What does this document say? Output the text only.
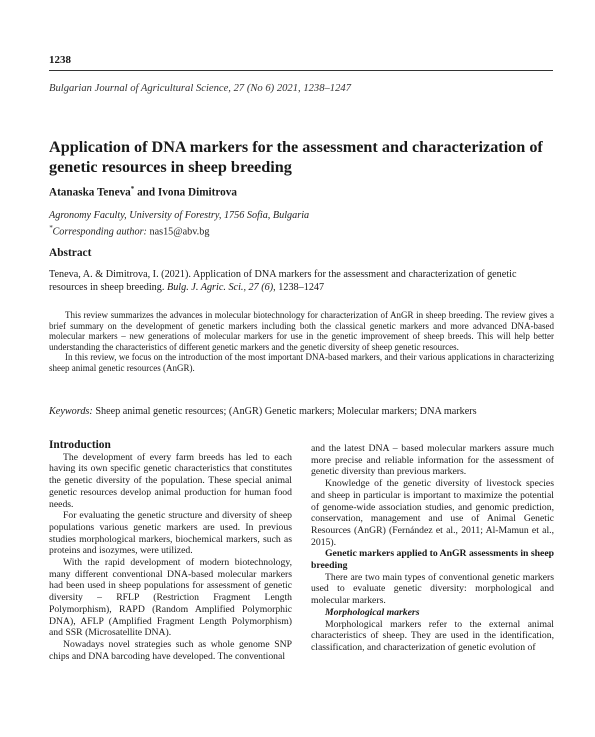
1238
Bulgarian Journal of Agricultural Science, 27 (No 6) 2021, 1238–1247
Application of DNA markers for the assessment and characterization of genetic resources in sheep breeding
Atanaska Teneva* and Ivona Dimitrova
Agronomy Faculty, University of Forestry, 1756 Sofia, Bulgaria
*Corresponding author: nas15@abv.bg
Abstract
Teneva, A. & Dimitrova, I. (2021). Application of DNA markers for the assessment and characterization of genetic resources in sheep breeding. Bulg. J. Agric. Sci., 27 (6), 1238–1247

This review summarizes the advances in molecular biotechnology for characterization of AnGR in sheep breeding. The review gives a brief summary on the development of genetic markers including both the classical genetic markers and more advanced DNA-based molecular markers – new generations of molecular markers for use in the genetic improvement of sheep breeds. This will help better understanding the characteristics of different genetic markers and the genetic diversity of sheep genetic resources.

In this review, we focus on the introduction of the most important DNA-based markers, and their various applications in characterizing sheep animal genetic resources (AnGR).

Keywords: Sheep animal genetic resources; (AnGR) Genetic markers; Molecular markers; DNA markers

Introduction

The development of every farm breeds has led to each having its own specific genetic characteristics that constitutes the genetic diversity of the population. These special animal genetic resources develop animal production for human food needs.

For evaluating the genetic structure and diversity of sheep populations various genetic markers are used. In previous studies morphological markers, biochemical markers, such as proteins and isozymes, were utilized.

With the rapid development of modern biotechnology, many different conventional DNA-based molecular markers had been used in sheep populations for assessment of genetic diversity – RFLP (Restriction Fragment Length Polymorphism), RAPD (Random Amplified Polymorphic DNA), AFLP (Amplified Fragment Length Polymorphism) and SSR (Microsatellite DNA).

Nowadays novel strategies such as whole genome SNP chips and DNA barcoding have developed. The conventional

and the latest DNA – based molecular markers assure much more precise and reliable information for the assessment of genetic diversity than previous markers.

Knowledge of the genetic diversity of livestock species and sheep in particular is important to maximize the potential of genome-wide association studies, and genomic prediction, conservation, management and use of Animal Genetic Resources (AnGR) (Fernández et al., 2011; Al-Mamun et al., 2015).

Genetic markers applied to AnGR assessments in sheep breeding

There are two main types of conventional genetic markers used to evaluate genetic diversity: morphological and molecular markers.

Morphological markers

Morphological markers refer to the external animal characteristics of sheep. They are used in the identification, classification, and characterization of genetic evolution of
